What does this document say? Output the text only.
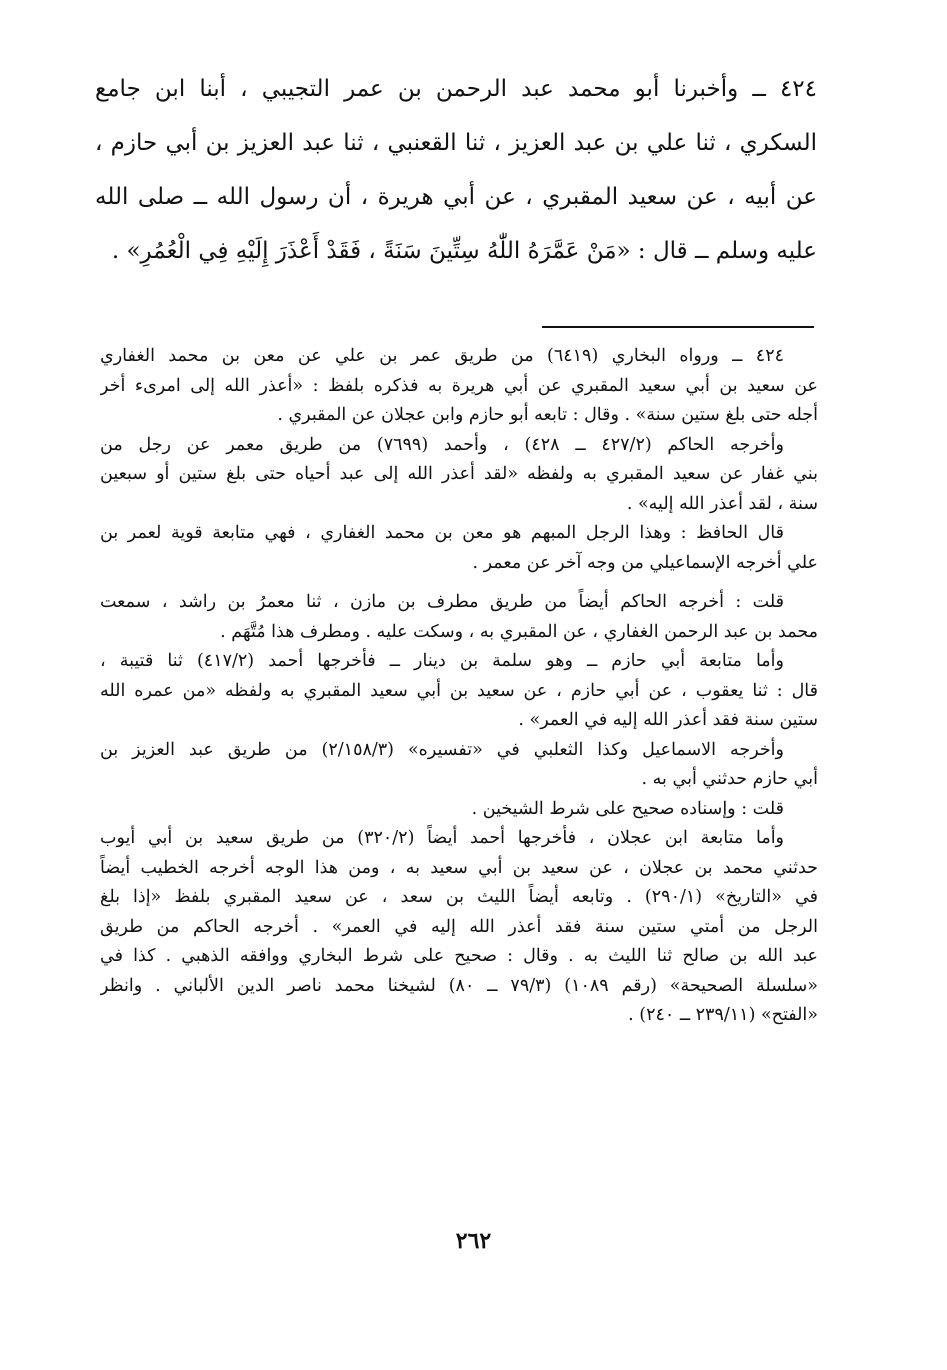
٤٢٤ ــ وأخبرنا أبو محمد عبد الرحمن بن عمر التجيبي ، أبنا ابن جامع
السكري ، ثنا علي بن عبد العزيز ، ثنا القعنبي ، ثنا عبد العزيز بن أبي حازم ،
عن أبيه ، عن سعيد المقبري ، عن أبي هريرة ، أن رسول الله ــ صلى الله
عليه وسلم ــ قال : «مَنْ عَمَّرَهُ اللّٰهُ سِتِّينَ سَنَةً ، فَقَدْ أَعْذَرَ إِلَيْهِ فِي الْعُمُرِ» .
٤٢٤ ــ ورواه البخاري (٦٤١٩) من طريق عمر بن علي عن معن بن محمد الغفاري
عن سعيد بن أبي سعيد المقبري عن أبي هريرة به فذكره بلفظ : «أعذر الله إلى امرىء أخر
أجله حتى بلغ ستين سنة» . وقال : تابعه أبو حازم وابن عجلان عن المقبري .
وأخرجه الحاكم (٤٢٧/٢ ــ ٤٢٨) ، وأحمد (٧٦٩٩) من طريق معمر عن رجل من
بني غفار عن سعيد المقبري به ولفظه «لقد أعذر الله إلى عبد أحياه حتى بلغ ستين أو سبعين
سنة ، لقد أعذر الله إليه» .
قال الحافظ : وهذا الرجل المبهم هو معن بن محمد الغفاري ، فهي متابعة قوية لعمر بن
علي أخرجه الإسماعيلي من وجه آخر عن معمر .
قلت : أخرجه الحاكم أيضاً من طريق مطرف بن مازن ، ثنا معمرُ بن راشد ، سمعت
محمد بن عبد الرحمن الغفاري ، عن المقبري به ، وسكت عليه . ومطرف هذا مُتَّهَم .
وأما متابعة أبي حازم ــ وهو سلمة بن دينار ــ فأخرجها أحمد (٤١٧/٢) ثنا قتيبة ،
قال : ثنا يعقوب ، عن أبي حازم ، عن سعيد بن أبي سعيد المقبري به ولفظه «من عمره الله
ستين سنة فقد أعذر الله إليه في العمر» .
وأخرجه الاسماعيل وكذا الثعلبي في «تفسيره» (٢/١٥٨/٣) من طريق عبد العزيز بن
أبي حازم حدثني أبي به .
قلت : وإسناده صحيح على شرط الشيخين .
وأما متابعة ابن عجلان ، فأخرجها أحمد أيضاً (٣٢٠/٢) من طريق سعيد بن أبي أيوب
حدثني محمد بن عجلان ، عن سعيد بن أبي سعيد به ، ومن هذا الوجه أخرجه الخطيب أيضاً
في «التاريخ» (٢٩٠/١) . وتابعه أيضاً الليث بن سعد ، عن سعيد المقبري بلفظ «إذا بلغ
الرجل من أمتي ستين سنة فقد أعذر الله إليه في العمر» . أخرجه الحاكم من طريق
عبد الله بن صالح ثنا الليث به . وقال : صحيح على شرط البخاري ووافقه الذهبي . كذا في
«سلسلة الصحيحة» (رقم ١٠٨٩) (٧٩/٣ ــ ٨٠) لشيخنا محمد ناصر الدين الألباني . وانظر
«الفتح» (٢٣٩/١١ ــ ٢٤٠) .
٢٦٢
